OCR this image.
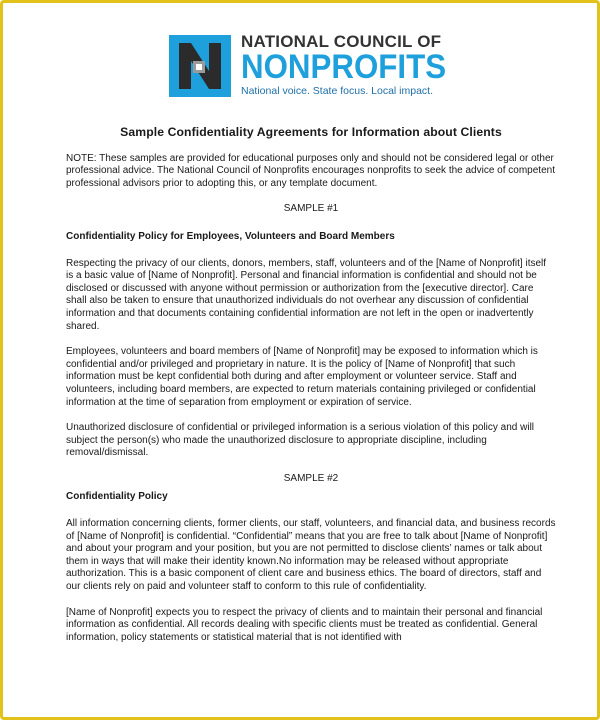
NATIONAL COUNCIL OF
NONPROFITS
National voice. State focus. Local impact.
Sample Confidentiality Agreements for Information about Clients
NOTE: These samples are provided for educational purposes only and should not be considered legal or other professional advice. The National Council of Nonprofits encourages nonprofits to seek the advice of competent professional advisors prior to adopting this, or any template document.
SAMPLE #1
Confidentiality Policy for Employees, Volunteers and Board Members
Respecting the privacy of our clients, donors, members, staff, volunteers and of the [Name of Nonprofit] itself is a basic value of [Name of Nonprofit]. Personal and financial information is confidential and should not be disclosed or discussed with anyone without permission or authorization from the [executive director]. Care shall also be taken to ensure that unauthorized individuals do not overhear any discussion of confidential information and that documents containing confidential information are not left in the open or inadvertently shared.
Employees, volunteers and board members of [Name of Nonprofit] may be exposed to information which is confidential and/or privileged and proprietary in nature. It is the policy of [Name of Nonprofit] that such information must be kept confidential both during and after employment or volunteer service. Staff and volunteers, including board members, are expected to return materials containing privileged or confidential information at the time of separation from employment or expiration of service.
Unauthorized disclosure of confidential or privileged information is a serious violation of this policy and will subject the person(s) who made the unauthorized disclosure to appropriate discipline, including removal/dismissal.
SAMPLE #2
Confidentiality Policy
All information concerning clients, former clients, our staff, volunteers, and financial data, and business records of [Name of Nonprofit] is confidential. “Confidential” means that you are free to talk about [Name of Nonprofit] and about your program and your position, but you are not permitted to disclose clients’ names or talk about them in ways that will make their identity known.No information may be released without appropriate authorization. This is a basic component of client care and business ethics. The board of directors, staff and our clients rely on paid and volunteer staff to conform to this rule of confidentiality.
[Name of Nonprofit] expects you to respect the privacy of clients and to maintain their personal and financial information as confidential. All records dealing with specific clients must be treated as confidential. General information, policy statements or statistical material that is not identified with
